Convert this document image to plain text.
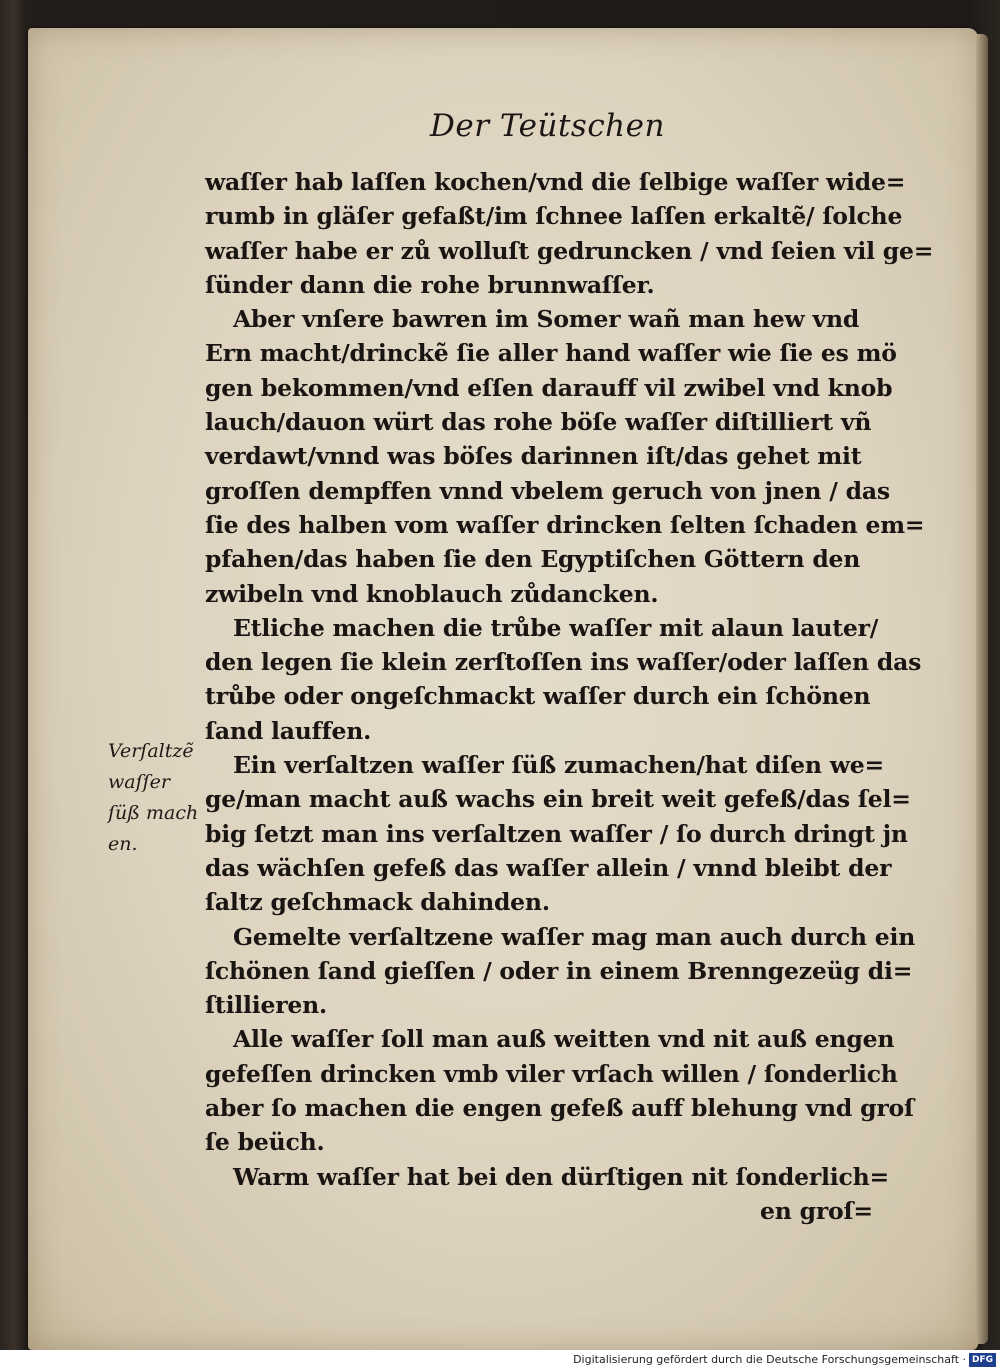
Der Teütschen
waſſer hab laſſen kochen/vnd die ſelbige waſſer wide=
rumb in gläſer gefaßt/im ſchnee laſſen erkaltẽ/ ſolche
waſſer habe er zů wolluſt gedruncken / vnd ſeien vil ge=
ſünder dann die rohe brunnwaſſer.
Aber vnſere bawren im Somer wañ man hew vnd
Ern macht/drinckẽ ſie aller hand waſſer wie ſie es mö
gen bekommen/vnd eſſen darauff vil zwibel vnd knob
lauch/dauon würt das rohe böſe waſſer diſtilliert vñ
verdawt/vnnd was böſes darinnen iſt/das gehet mit
groſſen dempffen vnnd vbelem geruch von jnen / das
ſie des halben vom waſſer drincken ſelten ſchaden em=
pfahen/das haben ſie den Egyptiſchen Göttern den
zwibeln vnd knoblauch zůdancken.
Etliche machen die trůbe waſſer mit alaun lauter/
den legen ſie klein zerſtoſſen ins waſſer/oder laſſen das
trůbe oder ongeſchmackt waſſer durch ein ſchönen
ſand lauffen.
Ein verſaltzen waſſer ſüß zumachen/hat diſen we=
ge/man macht auß wachs ein breit weit gefeß/das ſel=
big ſetzt man ins verſaltzen waſſer / ſo durch dringt jn
das wächſen gefeß das waſſer allein / vnnd bleibt der
ſaltz geſchmack dahinden.
Gemelte verſaltzene waſſer mag man auch durch ein
ſchönen ſand gieſſen / oder in einem Brenngezeüg di=
ſtillieren.
Alle waſſer ſoll man auß weitten vnd nit auß engen
gefeſſen drincken vmb viler vrſach willen / ſonderlich
aber ſo machen die engen gefeß auff blehung vnd groſ
ſe beüch.
Warm waſſer hat bei den dürſtigen nit ſonderlich=
en groſ=
Verſaltzẽ
waſſer
ſüß mach
en.
Digitalisierung gefördert durch die Deutsche Forschungsgemeinschaft · DFG
